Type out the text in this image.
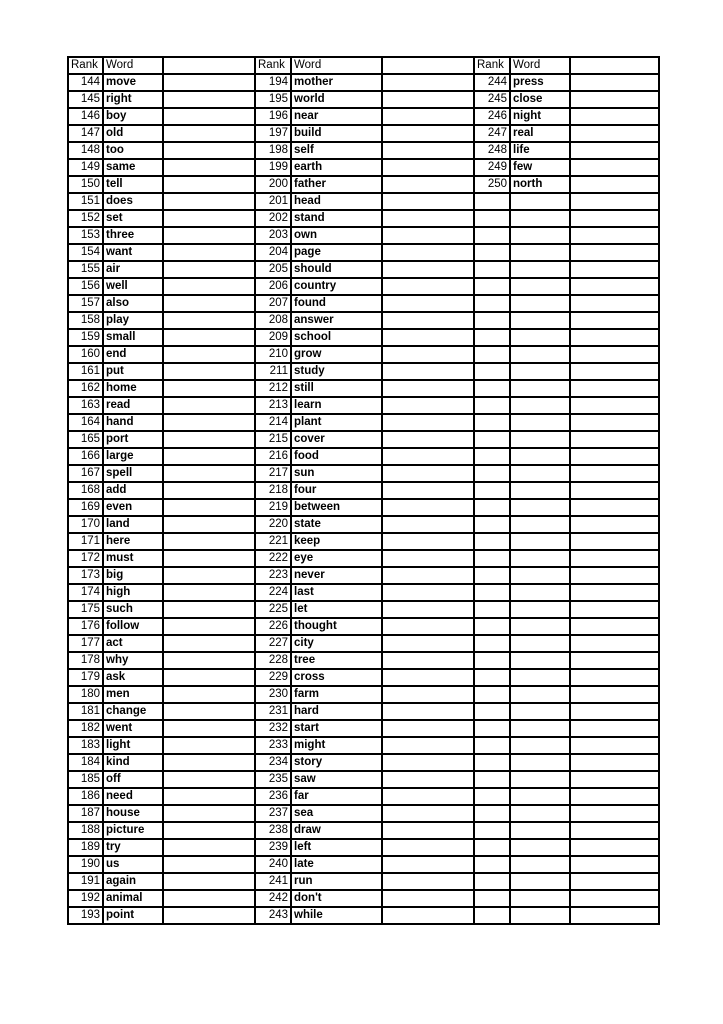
Rank	Word		Rank	Word		Rank	Word	
144	move		194	mother		244	press	
145	right		195	world		245	close	
146	boy		196	near		246	night	
147	old		197	build		247	real	
148	too		198	self		248	life	
149	same		199	earth		249	few	
150	tell		200	father		250	north	
151	does		201	head				
152	set		202	stand				
153	three		203	own				
154	want		204	page				
155	air		205	should				
156	well		206	country				
157	also		207	found				
158	play		208	answer				
159	small		209	school				
160	end		210	grow				
161	put		211	study				
162	home		212	still				
163	read		213	learn				
164	hand		214	plant				
165	port		215	cover				
166	large		216	food				
167	spell		217	sun				
168	add		218	four				
169	even		219	between				
170	land		220	state				
171	here		221	keep				
172	must		222	eye				
173	big		223	never				
174	high		224	last				
175	such		225	let				
176	follow		226	thought				
177	act		227	city				
178	why		228	tree				
179	ask		229	cross				
180	men		230	farm				
181	change		231	hard				
182	went		232	start				
183	light		233	might				
184	kind		234	story				
185	off		235	saw				
186	need		236	far				
187	house		237	sea				
188	picture		238	draw				
189	try		239	left				
190	us		240	late				
191	again		241	run				
192	animal		242	don't				
193	point		243	while				
